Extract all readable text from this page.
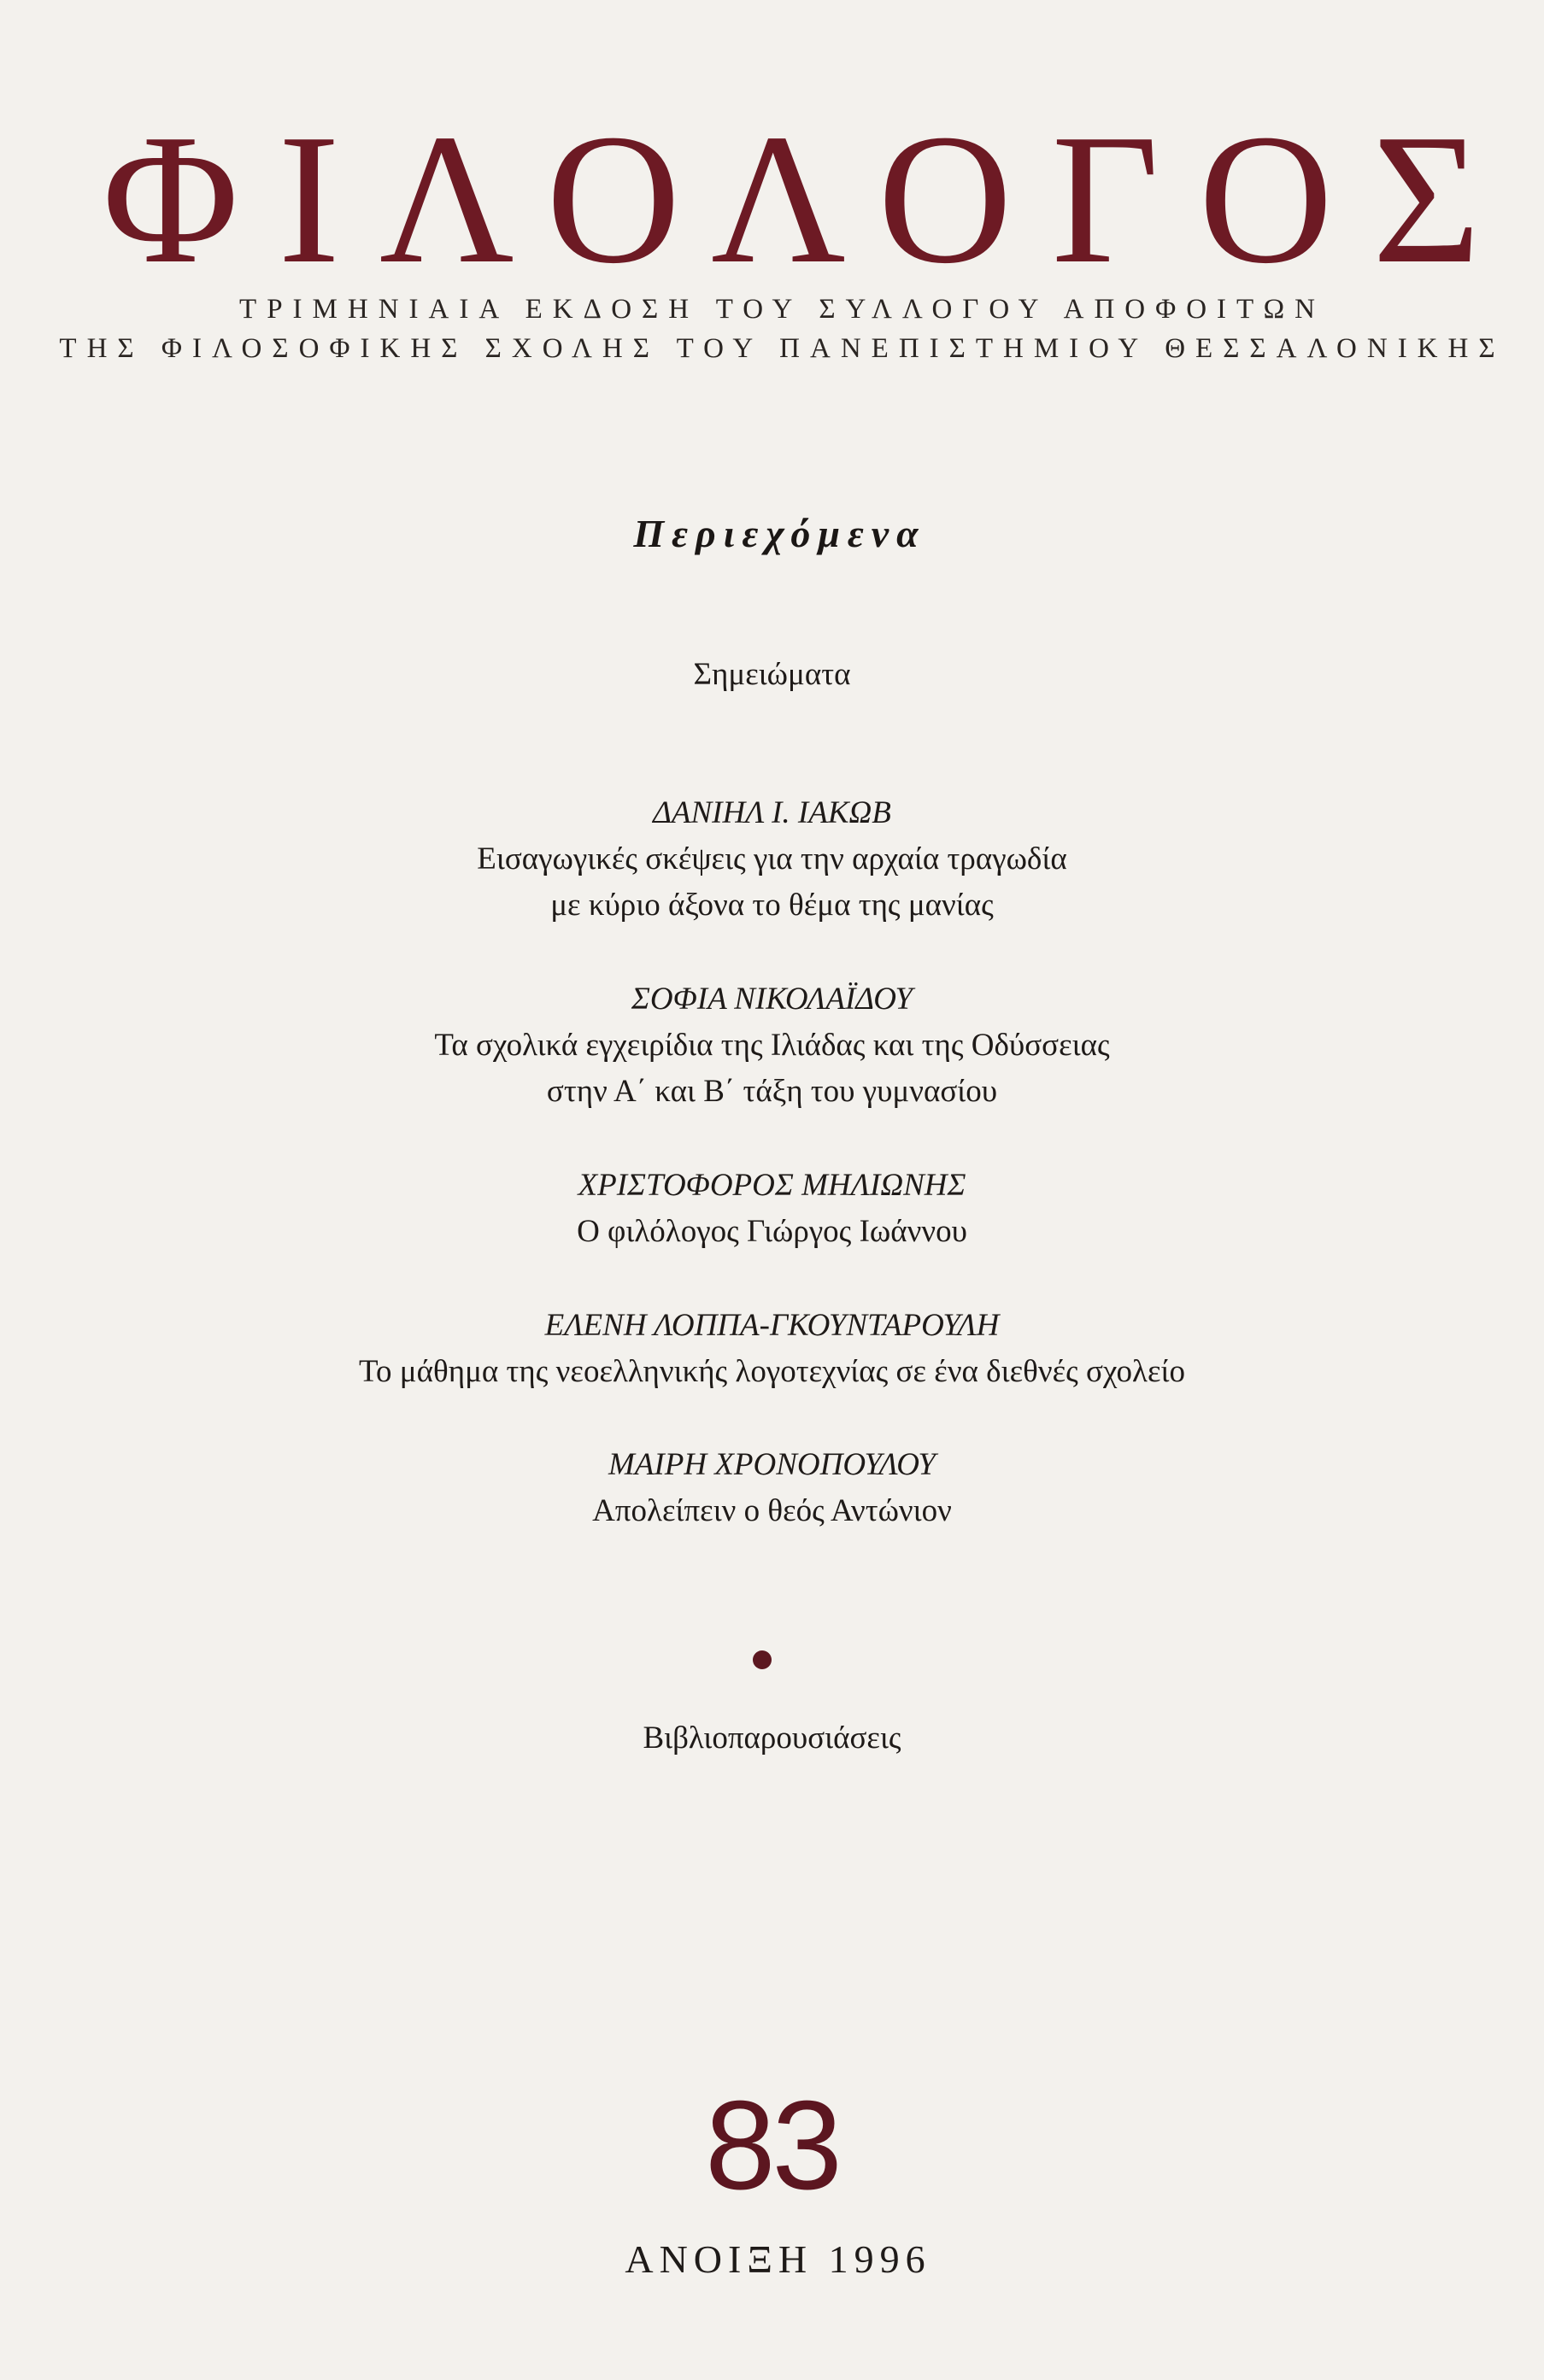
ΦΙΛΟΛΟΓΟΣ
ΤΡΙΜΗΝΙΑΙΑ ΕΚΔΟΣΗ ΤΟΥ ΣΥΛΛΟΓΟΥ ΑΠΟΦΟΙΤΩΝ
ΤΗΣ ΦΙΛΟΣΟΦΙΚΗΣ ΣΧΟΛΗΣ ΤΟΥ ΠΑΝΕΠΙΣΤΗΜΙΟΥ ΘΕΣΣΑΛΟΝΙΚΗΣ
Περιεχόμενα
Σημειώματα
ΔΑΝΙΗΛ Ι. ΙΑΚΩΒ
Εισαγωγικές σκέψεις για την αρχαία τραγωδία
με κύριο άξονα το θέμα της μανίας
ΣΟΦΙΑ ΝΙΚΟΛΑΪΔΟΥ
Τα σχολικά εγχειρίδια της Ιλιάδας και της Οδύσσειας
στην Α΄ και Β΄ τάξη του γυμνασίου
ΧΡΙΣΤΟΦΟΡΟΣ ΜΗΛΙΩΝΗΣ
Ο φιλόλογος Γιώργος Ιωάννου
ΕΛΕΝΗ ΛΟΠΠΑ-ΓΚΟΥΝΤΑΡΟΥΛΗ
Το μάθημα της νεοελληνικής λογοτεχνίας σε ένα διεθνές σχολείο
ΜΑΙΡΗ ΧΡΟΝΟΠΟΥΛΟΥ
Απολείπειν ο θεός Αντώνιον
Βιβλιοπαρουσιάσεις
83
ΑΝΟΙΞΗ 1996
